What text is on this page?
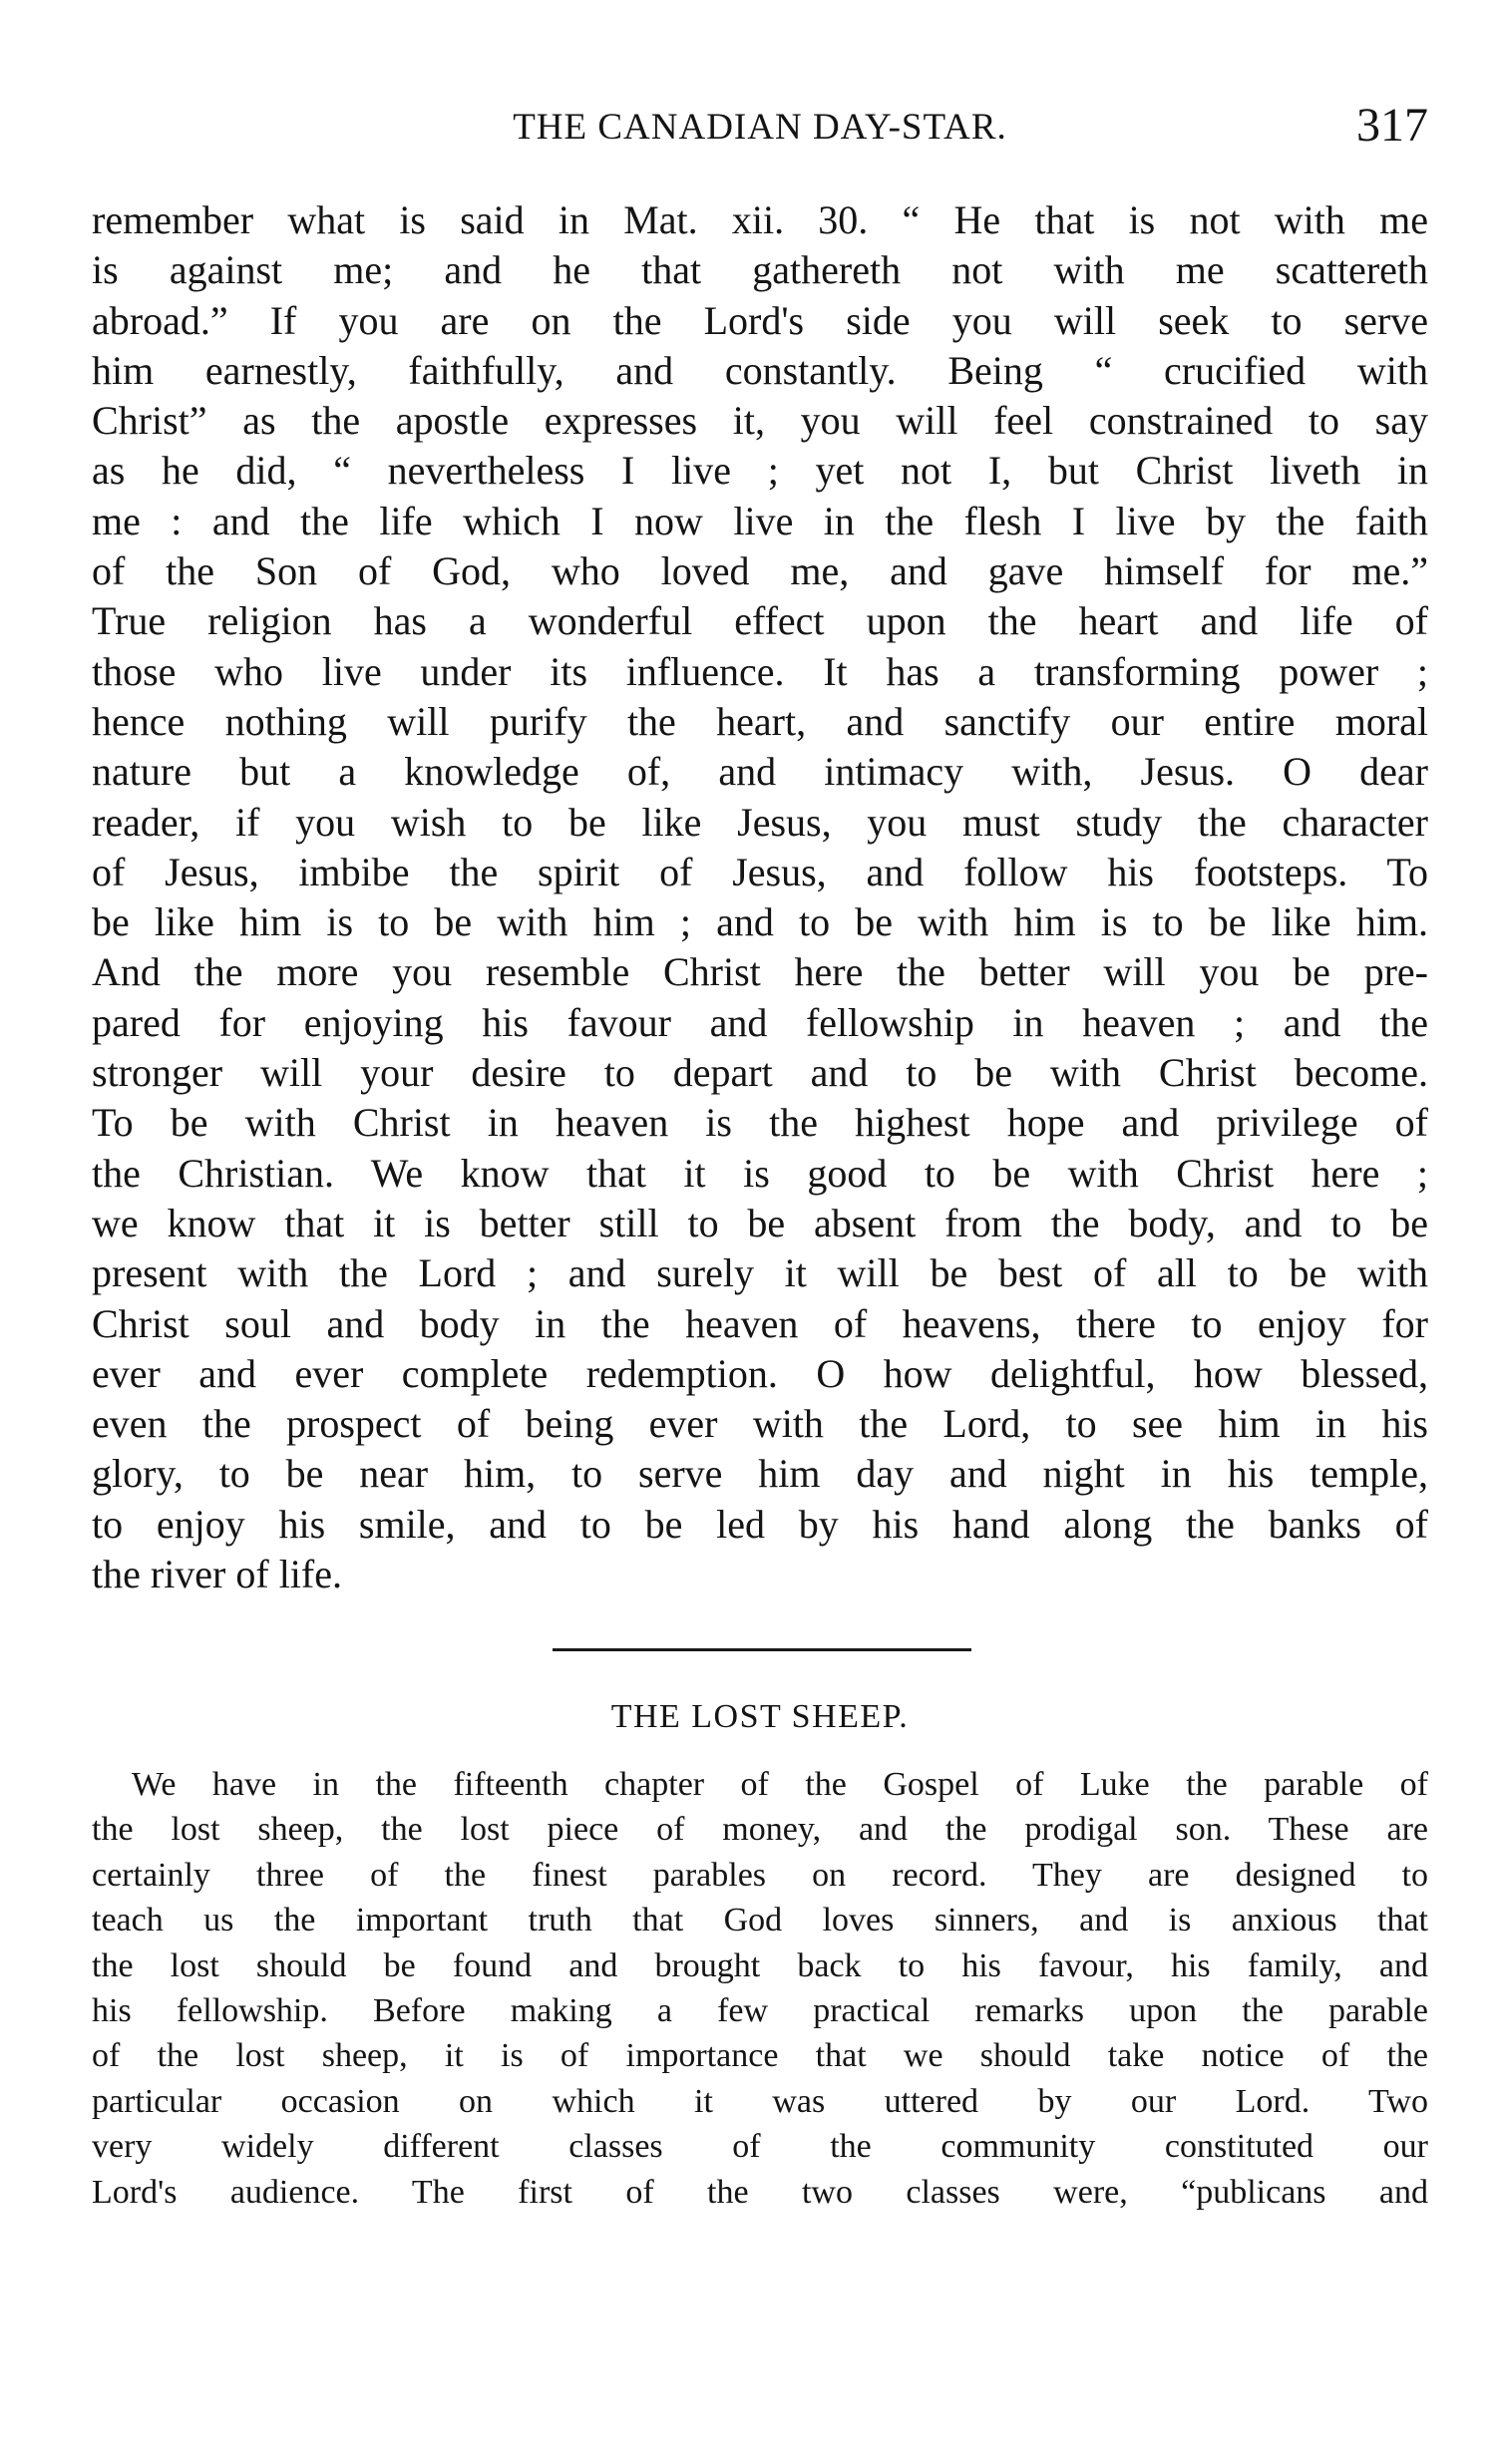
THE CANADIAN DAY-STAR.	317
remember what is said in Mat. xii. 30. “ He that is not with me
is against me; and he that gathereth not with me scattereth
abroad.” If you are on the Lord's side you will seek to serve
him earnestly, faithfully, and constantly. Being “ crucified with
Christ” as the apostle expresses it, you will feel constrained to say
as he did, “ nevertheless I live ; yet not I, but Christ liveth in
me : and the life which I now live in the flesh I live by the faith
of the Son of God, who loved me, and gave himself for me.”
True religion has a wonderful effect upon the heart and life of
those who live under its influence. It has a transforming power ;
hence nothing will purify the heart, and sanctify our entire moral
nature but a knowledge of, and intimacy with, Jesus. O dear
reader, if you wish to be like Jesus, you must study the character
of Jesus, imbibe the spirit of Jesus, and follow his footsteps. To
be like him is to be with him ; and to be with him is to be like him.
And the more you resemble Christ here the better will you be pre-
pared for enjoying his favour and fellowship in heaven ; and the
stronger will your desire to depart and to be with Christ become.
To be with Christ in heaven is the highest hope and privilege of
the Christian. We know that it is good to be with Christ here ;
we know that it is better still to be absent from the body, and to be
present with the Lord ; and surely it will be best of all to be with
Christ soul and body in the heaven of heavens, there to enjoy for
ever and ever complete redemption. O how delightful, how blessed,
even the prospect of being ever with the Lord, to see him in his
glory, to be near him, to serve him day and night in his temple,
to enjoy his smile, and to be led by his hand along the banks of
the river of life.
THE LOST SHEEP.
We have in the fifteenth chapter of the Gospel of Luke the parable of
the lost sheep, the lost piece of money, and the prodigal son. These are
certainly three of the finest parables on record. They are designed to
teach us the important truth that God loves sinners, and is anxious that
the lost should be found and brought back to his favour, his family, and
his fellowship. Before making a few practical remarks upon the parable
of the lost sheep, it is of importance that we should take notice of the
particular occasion on which it was uttered by our Lord. Two
very widely different classes of the community constituted our
Lord's audience. The first of the two classes were, “publicans and
